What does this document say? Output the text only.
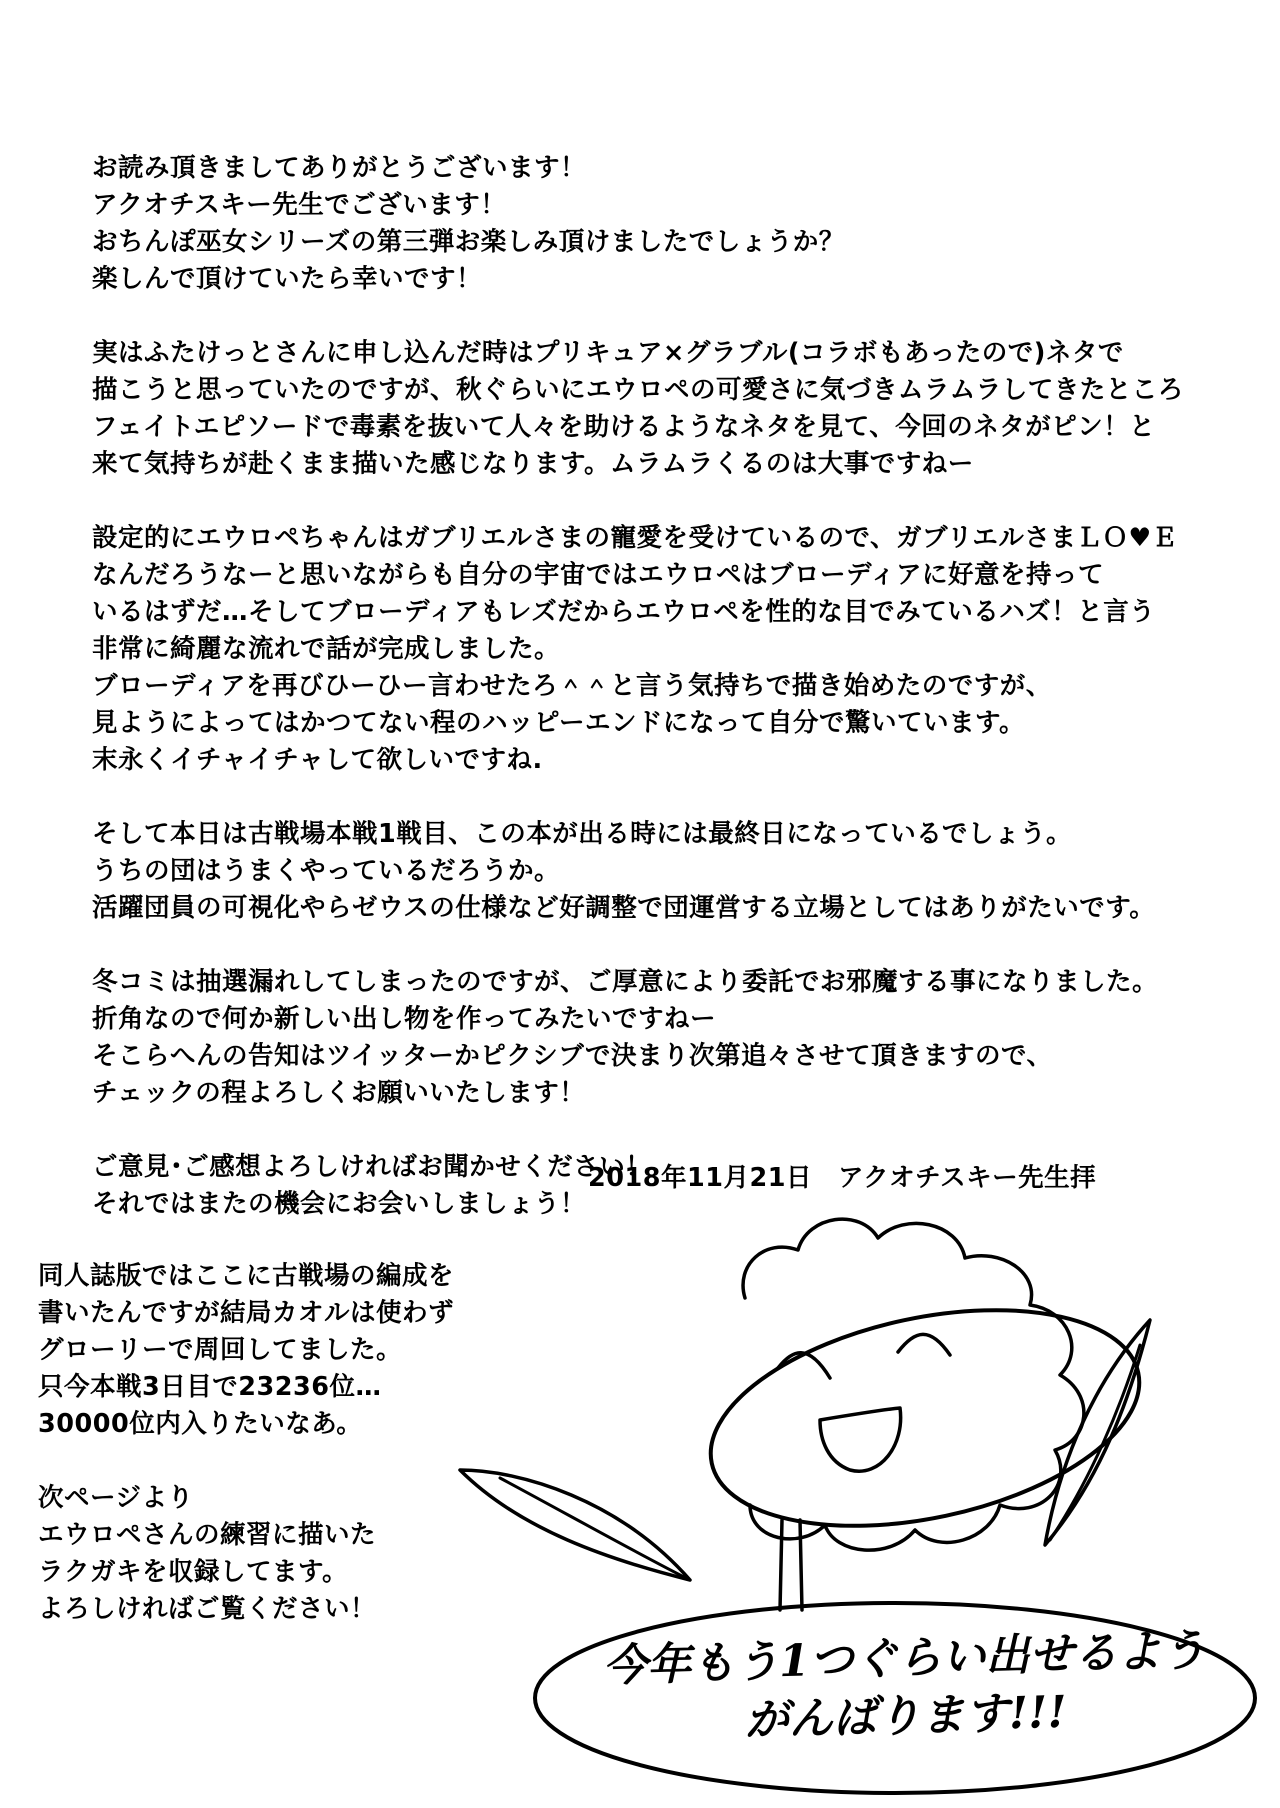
お読み頂きましてありがとうございます！
アクオチスキー先生でございます！
おちんぽ巫女シリーズの第三弾お楽しみ頂けましたでしょうか？
楽しんで頂けていたら幸いです！
実はふたけっとさんに申し込んだ時はプリキュア×グラブル(コラボもあったので)ネタで
描こうと思っていたのですが、秋ぐらいにエウロペの可愛さに気づきムラムラしてきたところ
フェイトエピソードで毒素を抜いて人々を助けるようなネタを見て、今回のネタがピン！と
来て気持ちが赴くまま描いた感じなります。ムラムラくるのは大事ですねー
設定的にエウロペちゃんはガブリエルさまの寵愛を受けているので、ガブリエルさまＬＯ♥Ｅ
なんだろうなーと思いながらも自分の宇宙ではエウロペはブローディアに好意を持って
いるはずだ…そしてブローディアもレズだからエウロペを性的な目でみているハズ！と言う
非常に綺麗な流れで話が完成しました。
ブローディアを再びひーひー言わせたろ＾＾と言う気持ちで描き始めたのですが、
見ようによってはかつてない程のハッピーエンドになって自分で驚いています。
末永くイチャイチャして欲しいですね.
そして本日は古戦場本戦1戦目、この本が出る時には最終日になっているでしょう。
うちの団はうまくやっているだろうか。
活躍団員の可視化やらゼウスの仕様など好調整で団運営する立場としてはありがたいです。
冬コミは抽選漏れしてしまったのですが、ご厚意により委託でお邪魔する事になりました。
折角なので何か新しい出し物を作ってみたいですねー
そこらへんの告知はツイッターかピクシブで決まり次第追々させて頂きますので、
チェックの程よろしくお願いいたします！
ご意見･ご感想よろしければお聞かせください！
それではまたの機会にお会いしましょう！
2018年11月21日　アクオチスキー先生拝
同人誌版ではここに古戦場の編成を
書いたんですが結局カオルは使わず
グローリーで周回してました。
只今本戦3日目で23236位…
30000位内入りたいなあ。
次ページより
エウロペさんの練習に描いた
ラクガキを収録してます。
よろしければご覧ください！
今年もう1つぐらい出せるよう
がんばります!!!
